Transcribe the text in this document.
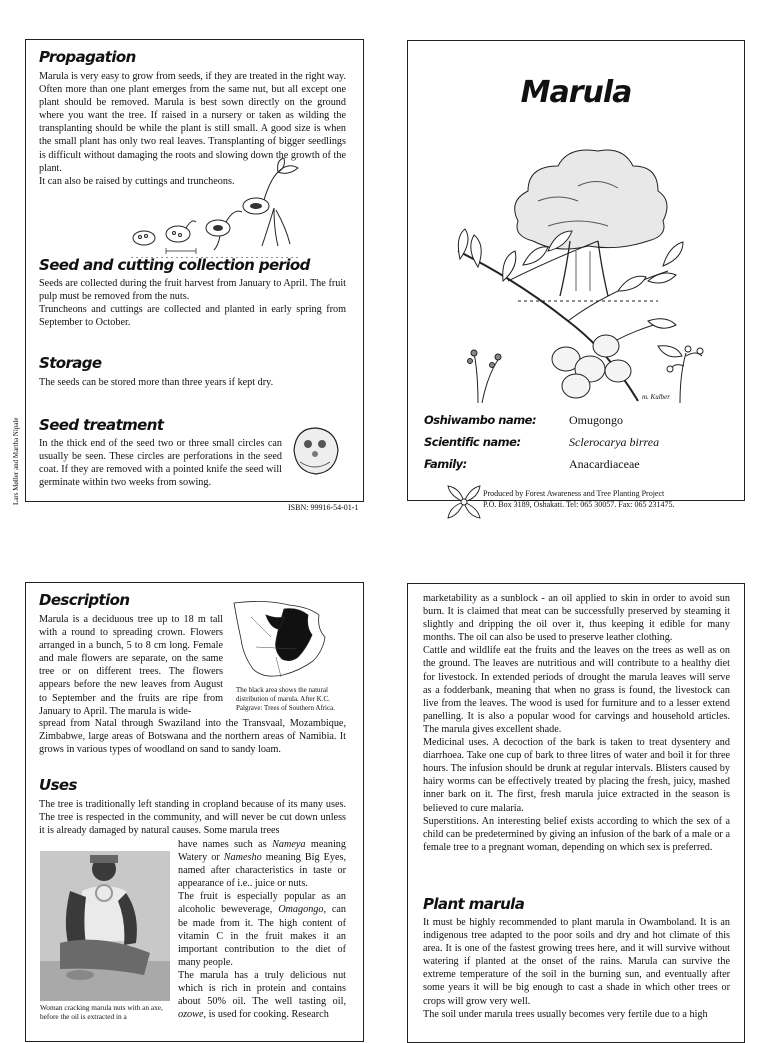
Propagation

Marula is very easy to grow from seeds, if they are treated in the right way. Often more than one plant emerges from the same nut, but all except one plant should be removed. Marula is best sown directly on the ground where you want the tree. If raised in a nursery or taken as wilding the transplanting should be while the plant is still small. A good size is when the small plant has only two real leaves. Transplanting of bigger seedlings is difficult without damaging the roots and slowing down the growth of the plant.

It can also be raised by cuttings and truncheons.

Seed and cutting collection period

Seeds are collected during the fruit harvest from January to April. The fruit pulp must be removed from the nuts.

Truncheons and cuttings are collected and planted in early spring from September to October.

Storage
The seeds can be stored more than three years if kept dry.
Seed treatment
In the thick end of the seed two or three small circles can usually be seen. These circles are perforations in the seed coat. If they are removed with a pointed knife the seed will germinate within two weeks from sowing.
Lars Møller and Martha Nipale
ISBN: 99916-54-01-1
Marula
m. Kulber
Oshiwambo name:	Omugongo
Scientific name:	Sclerocarya birrea
Family:	Anacardiaceae
Produced by Forest Awareness and Tree Planting Project
P.O. Box 3189, Oshakati. Tel: 065 30057. Fax: 065 231475.
Description
Marula is a deciduous tree up to 18 m tall with a round to spreading crown. Flowers arranged in a bunch, 5 to 8 cm long. Female and male flowers are separate, on the same tree or on different trees. The flowers appears before the new leaves from August to September and the fruits are ripe from January to April. The marula is wide-
The black area shows the natural distribution of marula. After K.C. Palgrave: Trees of Southern Africa.
spread from Natal through Swaziland into the Transvaal, Mozambique, Zimbabwe, large areas of Botswana and the northern areas of Namibia. It grows in various types of woodland on sand to sandy loam.
Uses
The tree is traditionally left standing in cropland because of its many uses. The tree is respected in the community, and will never be cut down unless it is already damaged by natural causes. Some marula trees

have names such as Nameya meaning Watery or Namesho meaning Big Eyes, named after characteristics in taste or appearance of i.e.. juice or nuts.
The fruit is especially popular as an alcoholic beweverage, Omagongo, can be made from it. The high content of vitamin C in the fruit makes it an important contribution to the diet of many people.
The marula has a truly delicious nut which is rich in protein and contains about 50% oil. The well tasting oil, ozowe, is used for cooking. Research

Woman cracking marula nuts with an axe, before the oil is extracted in a

marketability as a sunblock - an oil applied to skin in order to avoid sun burn. It is claimed that meat can be successfully preserved by steaming it slightly and dripping the oil over it, thus keeping it edible for many months. The oil can also be used to preserve leather clothing.

Cattle and wildlife eat the fruits and the leaves on the trees as well as on the ground. The leaves are nutritious and will contribute to a healthy diet for livestock. In extended periods of drought the marula leaves will serve as a fodderbank, meaning that when no grass is found, the livestock can live from the leaves. The wood is used for furniture and to a lesser extend panelling. It is also a popular wood for carvings and household articles. The marula gives excellent shade.

Medicinal uses. A decoction of the bark is taken to treat dysentery and diarrhoea. Take one cup of bark to three litres of water and boil it for three hours. The infusion should be drunk at regular intervals. Blisters caused by hairy worms can be effectively treated by placing the fresh, juicy, mashed inner bark on it. The first, fresh marula juice extracted in the season is believed to cure malaria.

Superstitions. An interesting belief exists according to which the sex of a child can be predetermined by giving an infusion of the bark of a male or a female tree to a pregnant woman, depending on which sex is preferred.

Plant marula

It must be highly recommended to plant marula in Owamboland. It is an indigenous tree adapted to the poor soils and dry and hot climate of this area. It is one of the fastest growing trees here, and it will survive without watering if planted at the onset of the rains. Marula can survive the extreme temperature of the soil in the burning sun, and eventually after some years it will be big enough to cast a shade in which other trees or crops will grow very well.

The soil under marula trees usually becomes very fertile due to a high
